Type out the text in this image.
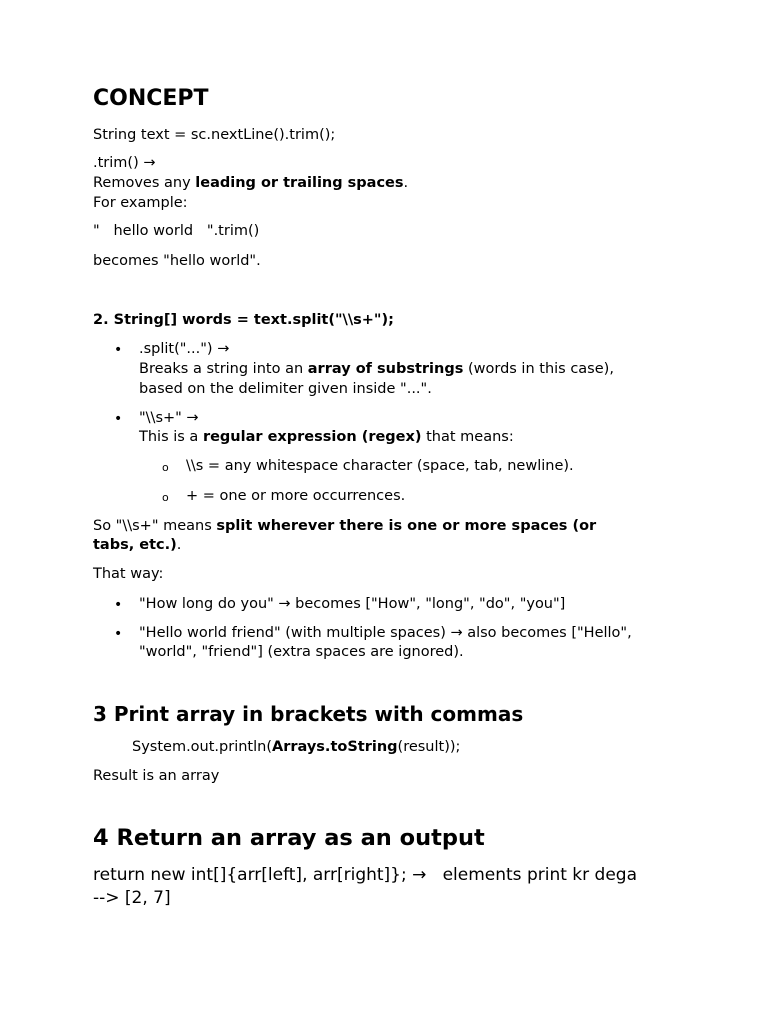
CONCEPT
String text = sc.nextLine().trim();
.trim() →
Removes any leading or trailing spaces.
For example:
"   hello world   ".trim()
becomes "hello world".
2. String[] words = text.split("\\s+");
• .split("...") →
Breaks a string into an array of substrings (words in this case),
based on the delimiter given inside "...".
• "\\s+" →
This is a regular expression (regex) that means:
o \\s = any whitespace character (space, tab, newline).
o + = one or more occurrences.
So "\\s+" means split wherever there is one or more spaces (or
tabs, etc.).
That way:
• "How long do you" → becomes ["How", "long", "do", "you"]
• "Hello world friend" (with multiple spaces) → also becomes ["Hello",
"world", "friend"] (extra spaces are ignored).
3 Print array in brackets with commas
System.out.println(Arrays.toString(result));
Result is an array
4 Return an array as an output
return new int[]{arr[left], arr[right]}; →   elements print kr dega
--> [2, 7]
